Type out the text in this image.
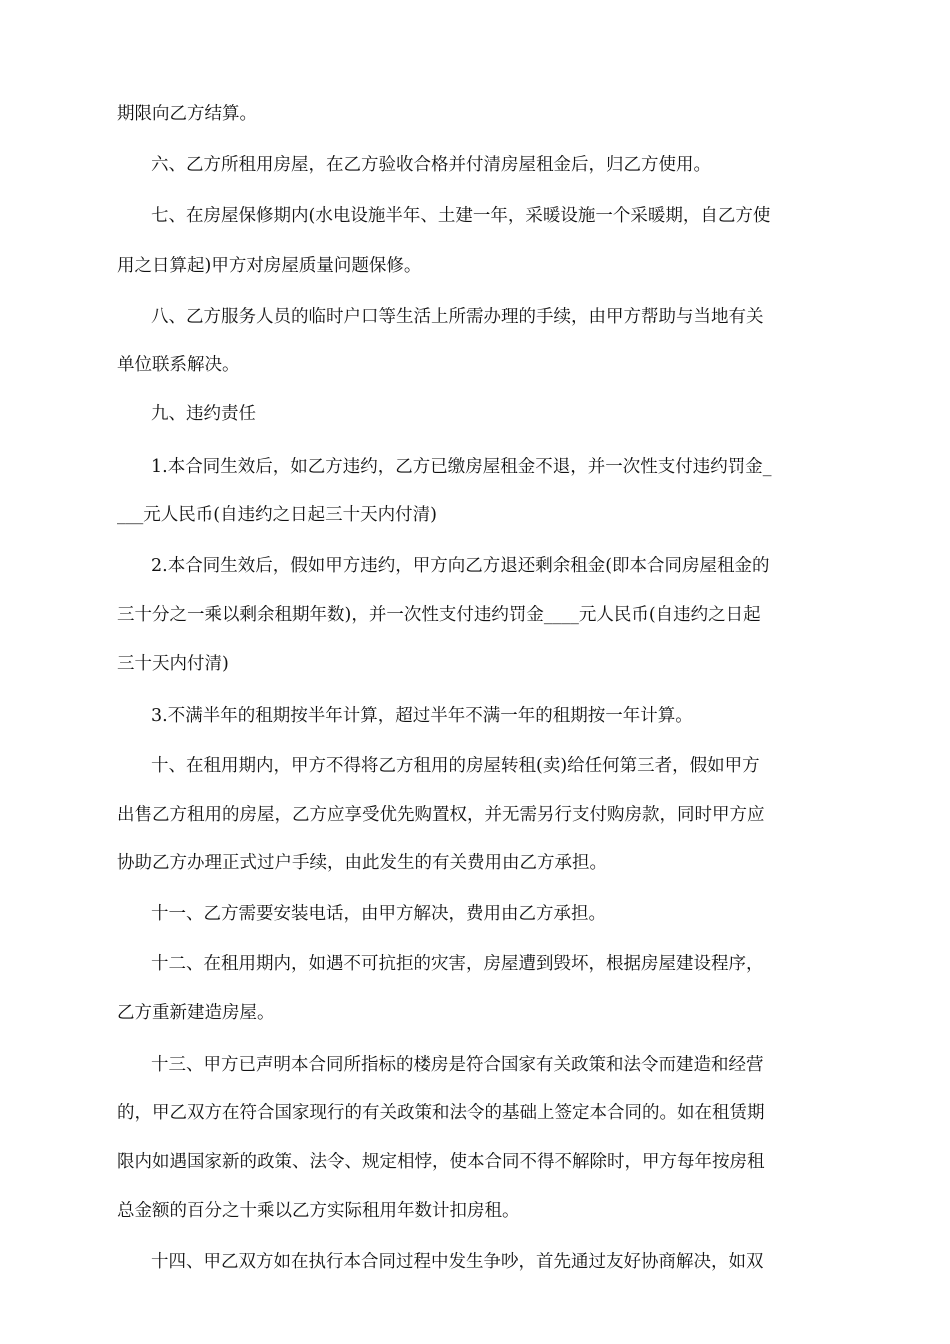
期限向乙方结算。
六、乙方所租用房屋，在乙方验收合格并付清房屋租金后，归乙方使用。
七、在房屋保修期内(水电设施半年、土建一年，采暖设施一个采暖期，自乙方使
用之日算起)甲方对房屋质量问题保修。
八、乙方服务人员的临时户口等生活上所需办理的手续，由甲方帮助与当地有关
单位联系解决。
九、违约责任
1.本合同生效后，如乙方违约，乙方已缴房屋租金不退，并一次性支付违约罚金_
___元人民币(自违约之日起三十天内付清)
2.本合同生效后，假如甲方违约，甲方向乙方退还剩余租金(即本合同房屋租金的
三十分之一乘以剩余租期年数)，并一次性支付违约罚金____元人民币(自违约之日起
三十天内付清)
3.不满半年的租期按半年计算，超过半年不满一年的租期按一年计算。
十、在租用期内，甲方不得将乙方租用的房屋转租(卖)给任何第三者，假如甲方
出售乙方租用的房屋，乙方应享受优先购置权，并无需另行支付购房款，同时甲方应
协助乙方办理正式过户手续，由此发生的有关费用由乙方承担。
十一、乙方需要安装电话，由甲方解决，费用由乙方承担。
十二、在租用期内，如遇不可抗拒的灾害，房屋遭到毁坏，根据房屋建设程序，
乙方重新建造房屋。
十三、甲方已声明本合同所指标的楼房是符合国家有关政策和法令而建造和经营
的，甲乙双方在符合国家现行的有关政策和法令的基础上签定本合同的。如在租赁期
限内如遇国家新的政策、法令、规定相悖，使本合同不得不解除时，甲方每年按房租
总金额的百分之十乘以乙方实际租用年数计扣房租。
十四、甲乙双方如在执行本合同过程中发生争吵，首先通过友好协商解决，如双
